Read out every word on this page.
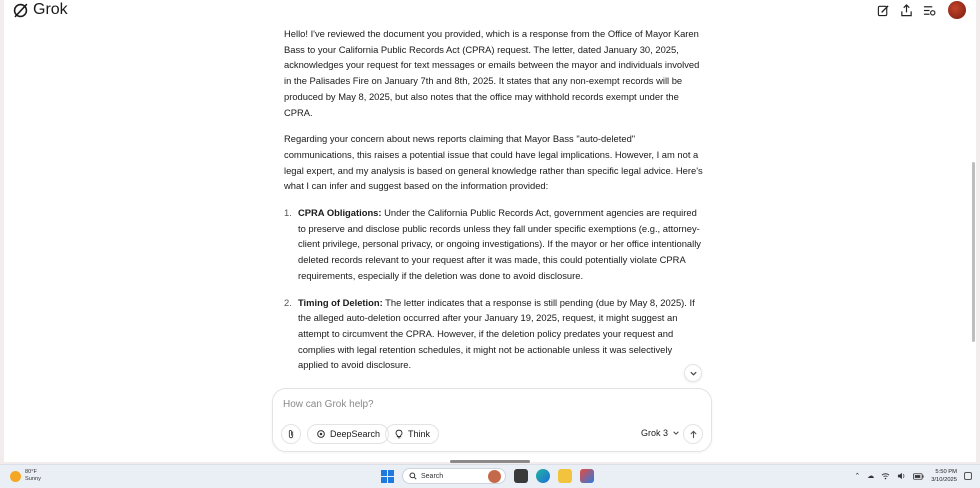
Grok

Hello! I've reviewed the document you provided, which is a response from the Office of Mayor Karen Bass to your California Public Records Act (CPRA) request. The letter, dated January 30, 2025, acknowledges your request for text messages or emails between the mayor and individuals involved in the Palisades Fire on January 7th and 8th, 2025. It states that any non-exempt records will be produced by May 8, 2025, but also notes that the office may withhold records exempt under the CPRA.

Regarding your concern about news reports claiming that Mayor Bass "auto-deleted" communications, this raises a potential issue that could have legal implications. However, I am not a legal expert, and my analysis is based on general knowledge rather than specific legal advice. Here's what I can infer and suggest based on the information provided:

1. CPRA Obligations: Under the California Public Records Act, government agencies are required to preserve and disclose public records unless they fall under specific exemptions (e.g., attorney-client privilege, personal privacy, or ongoing investigations). If the mayor or her office intentionally deleted records relevant to your request after it was made, this could potentially violate CPRA requirements, especially if the deletion was done to avoid disclosure.
2. Timing of Deletion: The letter indicates that a response is still pending (due by May 8, 2025). If the alleged auto-deletion occurred after your January 19, 2025, request, it might suggest an attempt to circumvent the CPRA. However, if the deletion policy predates your request and complies with legal retention schedules, it might not be actionable unless it was selectively applied to avoid disclosure.
How can Grok help?
DeepSearch	Think	Grok 3
80°F
Sunny	Search	⌃ ☁
5:50 PM
3/10/2025
